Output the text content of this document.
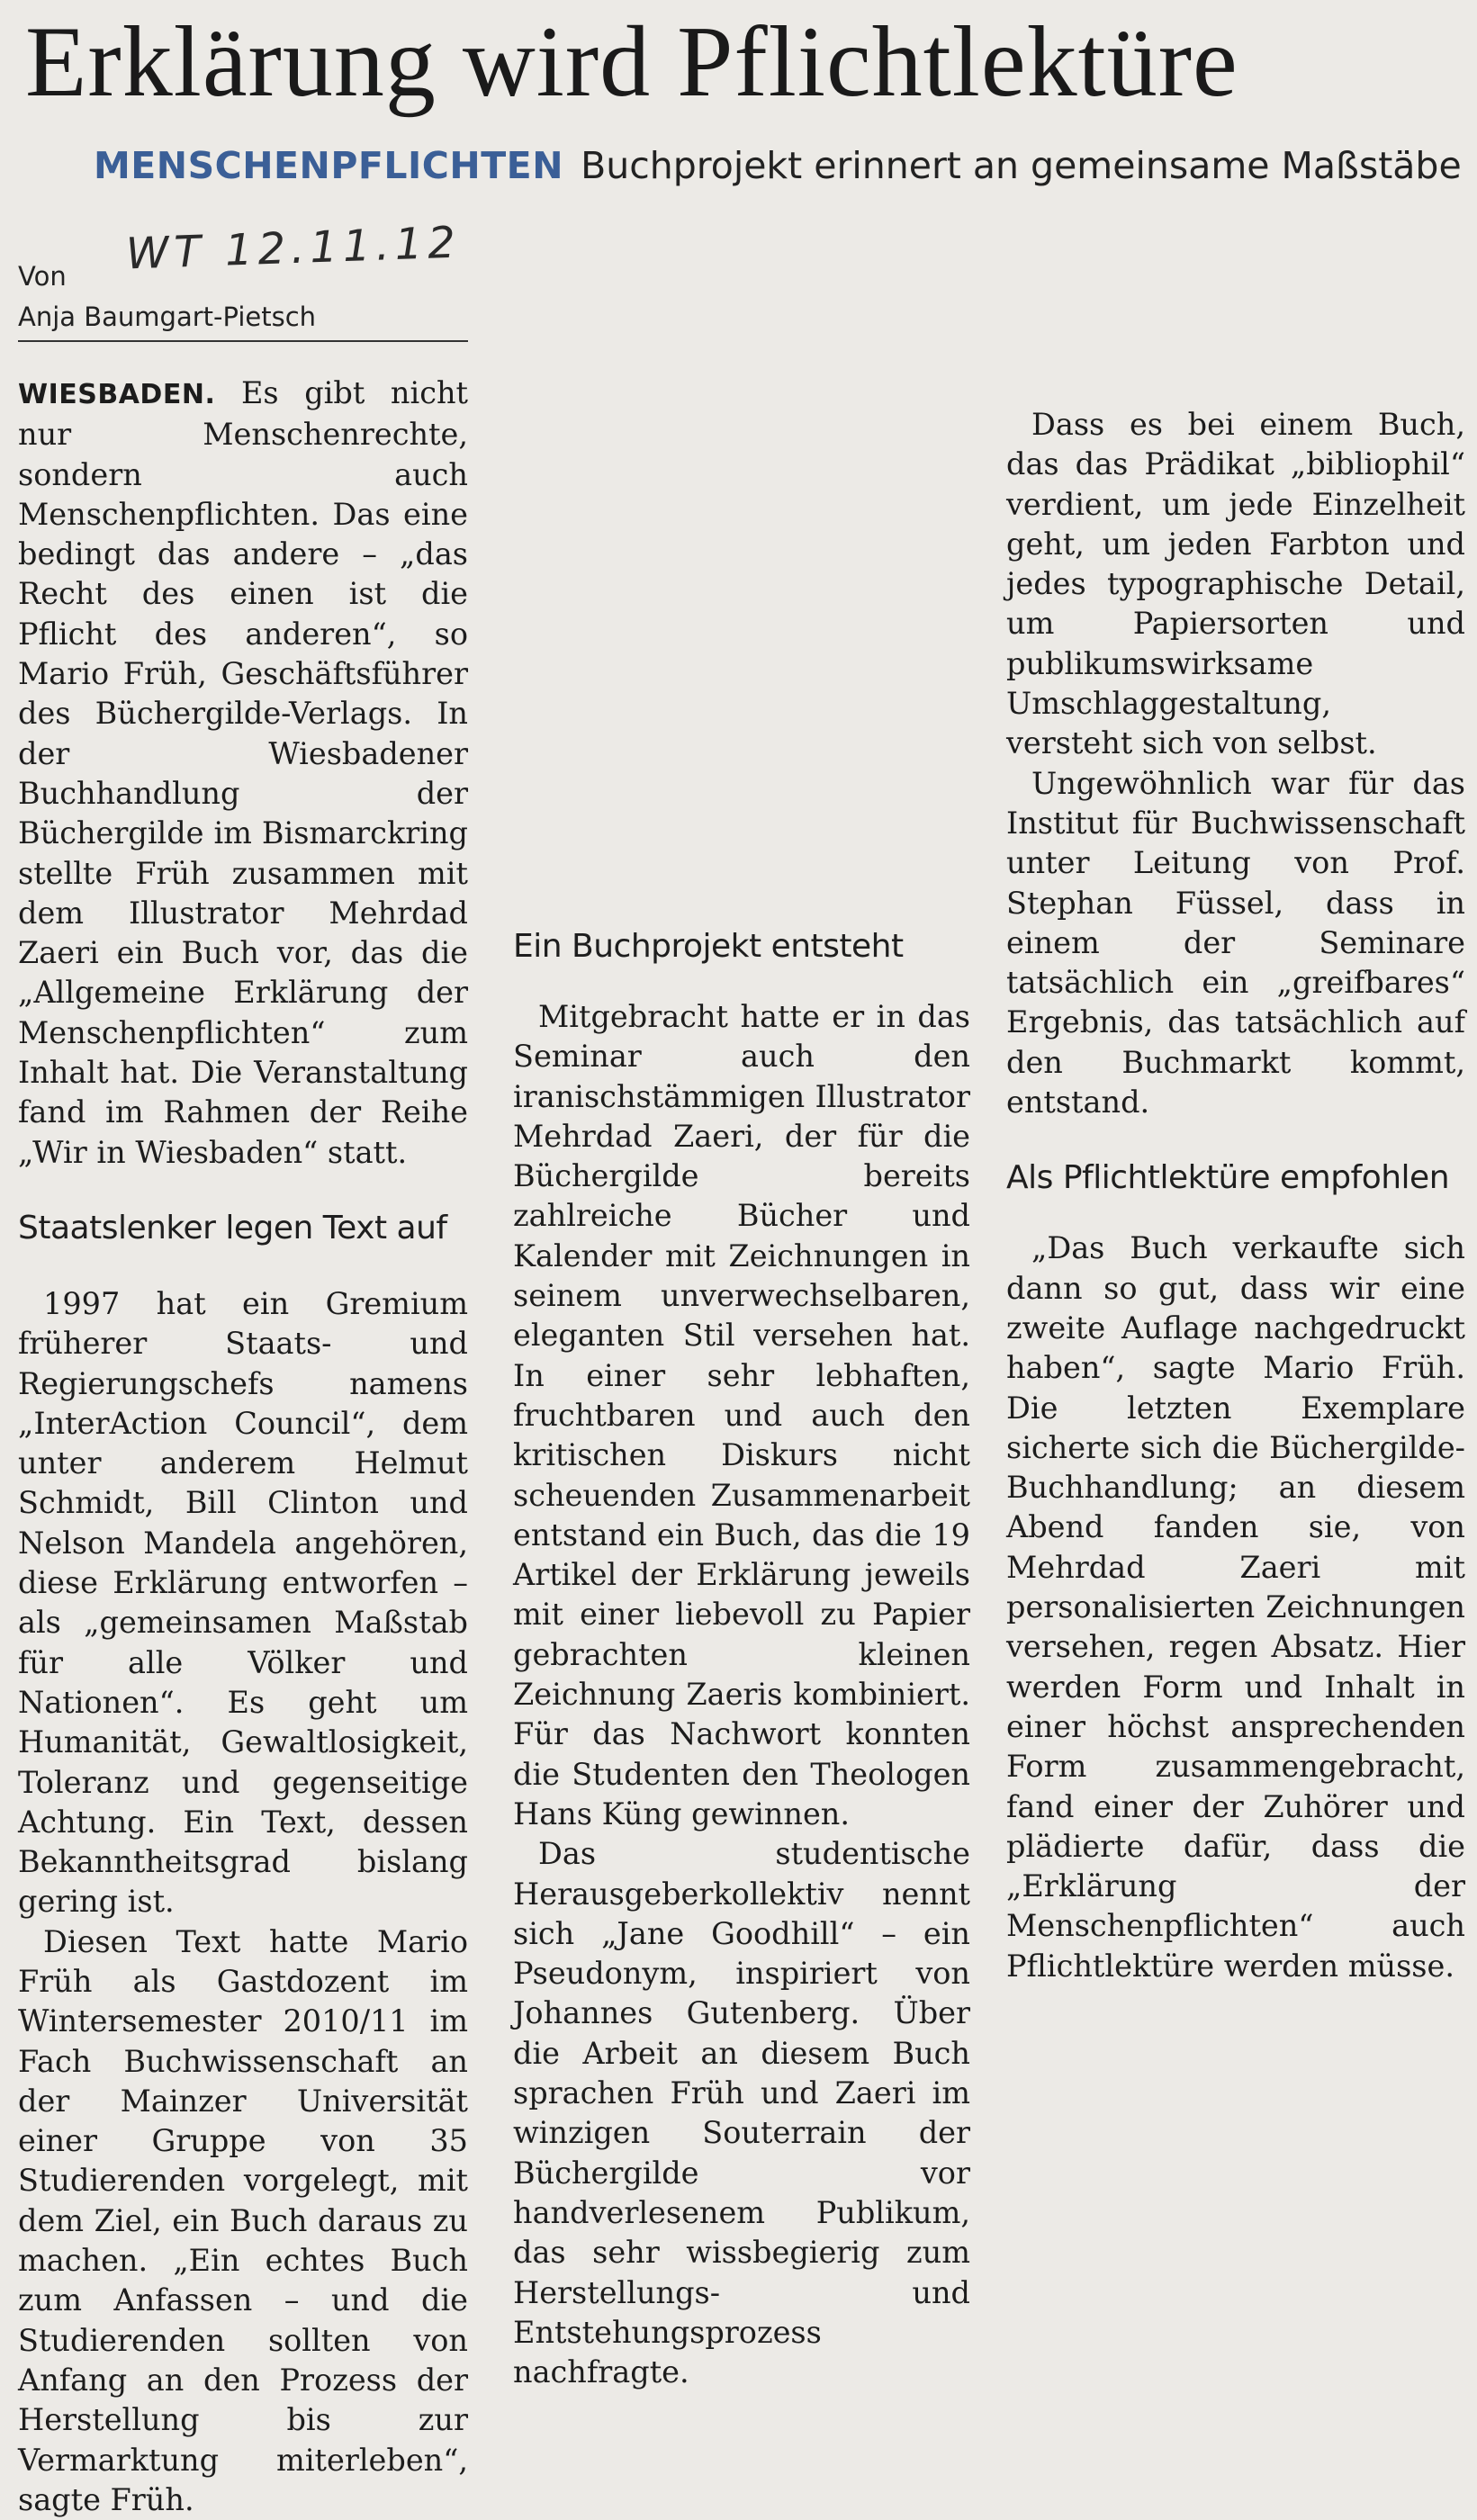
Erklärung wird Pflichtlektüre
MENSCHENPFLICHTEN Buchprojekt erinnert an gemeinsame Maßstäbe
WT 12.11.12
Von
Anja Baumgart-Pietsch

WIESBADEN. Es gibt nicht nur Menschenrechte, sondern auch Menschenpflichten. Das eine bedingt das andere – „das Recht des einen ist die Pflicht des anderen“, so Mario Früh, Geschäftsführer des Büchergilde-Verlags. In der Wiesbadener Buchhandlung der Büchergilde im Bismarckring stellte Früh zusammen mit dem Illustrator Mehrdad Zaeri ein Buch vor, das die „Allgemeine Erklärung der Menschenpflichten“ zum Inhalt hat. Die Veranstaltung fand im Rahmen der Reihe „Wir in Wiesbaden“ statt.

Staatslenker legen Text auf

1997 hat ein Gremium früherer Staats- und Regierungschefs namens „InterAction Council“, dem unter anderem Helmut Schmidt, Bill Clinton und Nelson Mandela angehören, diese Erklärung entworfen – als „gemeinsamen Maßstab für alle Völker und Nationen“. Es geht um Humanität, Gewaltlosigkeit, Toleranz und gegenseitige Achtung. Ein Text, dessen Bekanntheitsgrad bislang gering ist.

Diesen Text hatte Mario Früh als Gastdozent im Wintersemester 2010/11 im Fach Buchwissenschaft an der Mainzer Universität einer Gruppe von 35 Studierenden vorgelegt, mit dem Ziel, ein Buch daraus zu machen. „Ein echtes Buch zum Anfassen – und die Studierenden sollten von Anfang an den Prozess der Herstellung bis zur Vermarktung miterleben“, sagte Früh.

Ein Buchprojekt entsteht

Mitgebracht hatte er in das Seminar auch den iranischstämmigen Illustrator Mehrdad Zaeri, der für die Büchergilde bereits zahlreiche Bücher und Kalender mit Zeichnungen in seinem unverwechselbaren, eleganten Stil versehen hat. In einer sehr lebhaften, fruchtbaren und auch den kritischen Diskurs nicht scheuenden Zusammenarbeit entstand ein Buch, das die 19 Artikel der Erklärung jeweils mit einer liebevoll zu Papier gebrachten kleinen Zeichnung Zaeris kombiniert. Für das Nachwort konnten die Studenten den Theologen Hans Küng gewinnen.

Das studentische Herausgeberkollektiv nennt sich „Jane Goodhill“ – ein Pseudonym, inspiriert von Johannes Gutenberg. Über die Arbeit an diesem Buch sprachen Früh und Zaeri im winzigen Souterrain der Büchergilde vor handverlesenem Publikum, das sehr wissbegierig zum Herstellungs- und Entstehungsprozess nachfragte.

Dass es bei einem Buch, das das Prädikat „bibliophil“ verdient, um jede Einzelheit geht, um jeden Farbton und jedes typographische Detail, um Papiersorten und publikumswirksame Umschlaggestaltung, versteht sich von selbst.

Ungewöhnlich war für das Institut für Buchwissenschaft unter Leitung von Prof. Stephan Füssel, dass in einem der Seminare tatsächlich ein „greifbares“ Ergebnis, das tatsächlich auf den Buchmarkt kommt, entstand.

Als Pflichtlektüre empfohlen

„Das Buch verkaufte sich dann so gut, dass wir eine zweite Auflage nachgedruckt haben“, sagte Mario Früh. Die letzten Exemplare sicherte sich die Büchergilde-Buchhandlung; an diesem Abend fanden sie, von Mehrdad Zaeri mit personalisierten Zeichnungen versehen, regen Absatz. Hier werden Form und Inhalt in einer höchst ansprechenden Form zusammengebracht, fand einer der Zuhörer und plädierte dafür, dass die „Erklärung der Menschenpflichten“ auch Pflichtlektüre werden müsse.
